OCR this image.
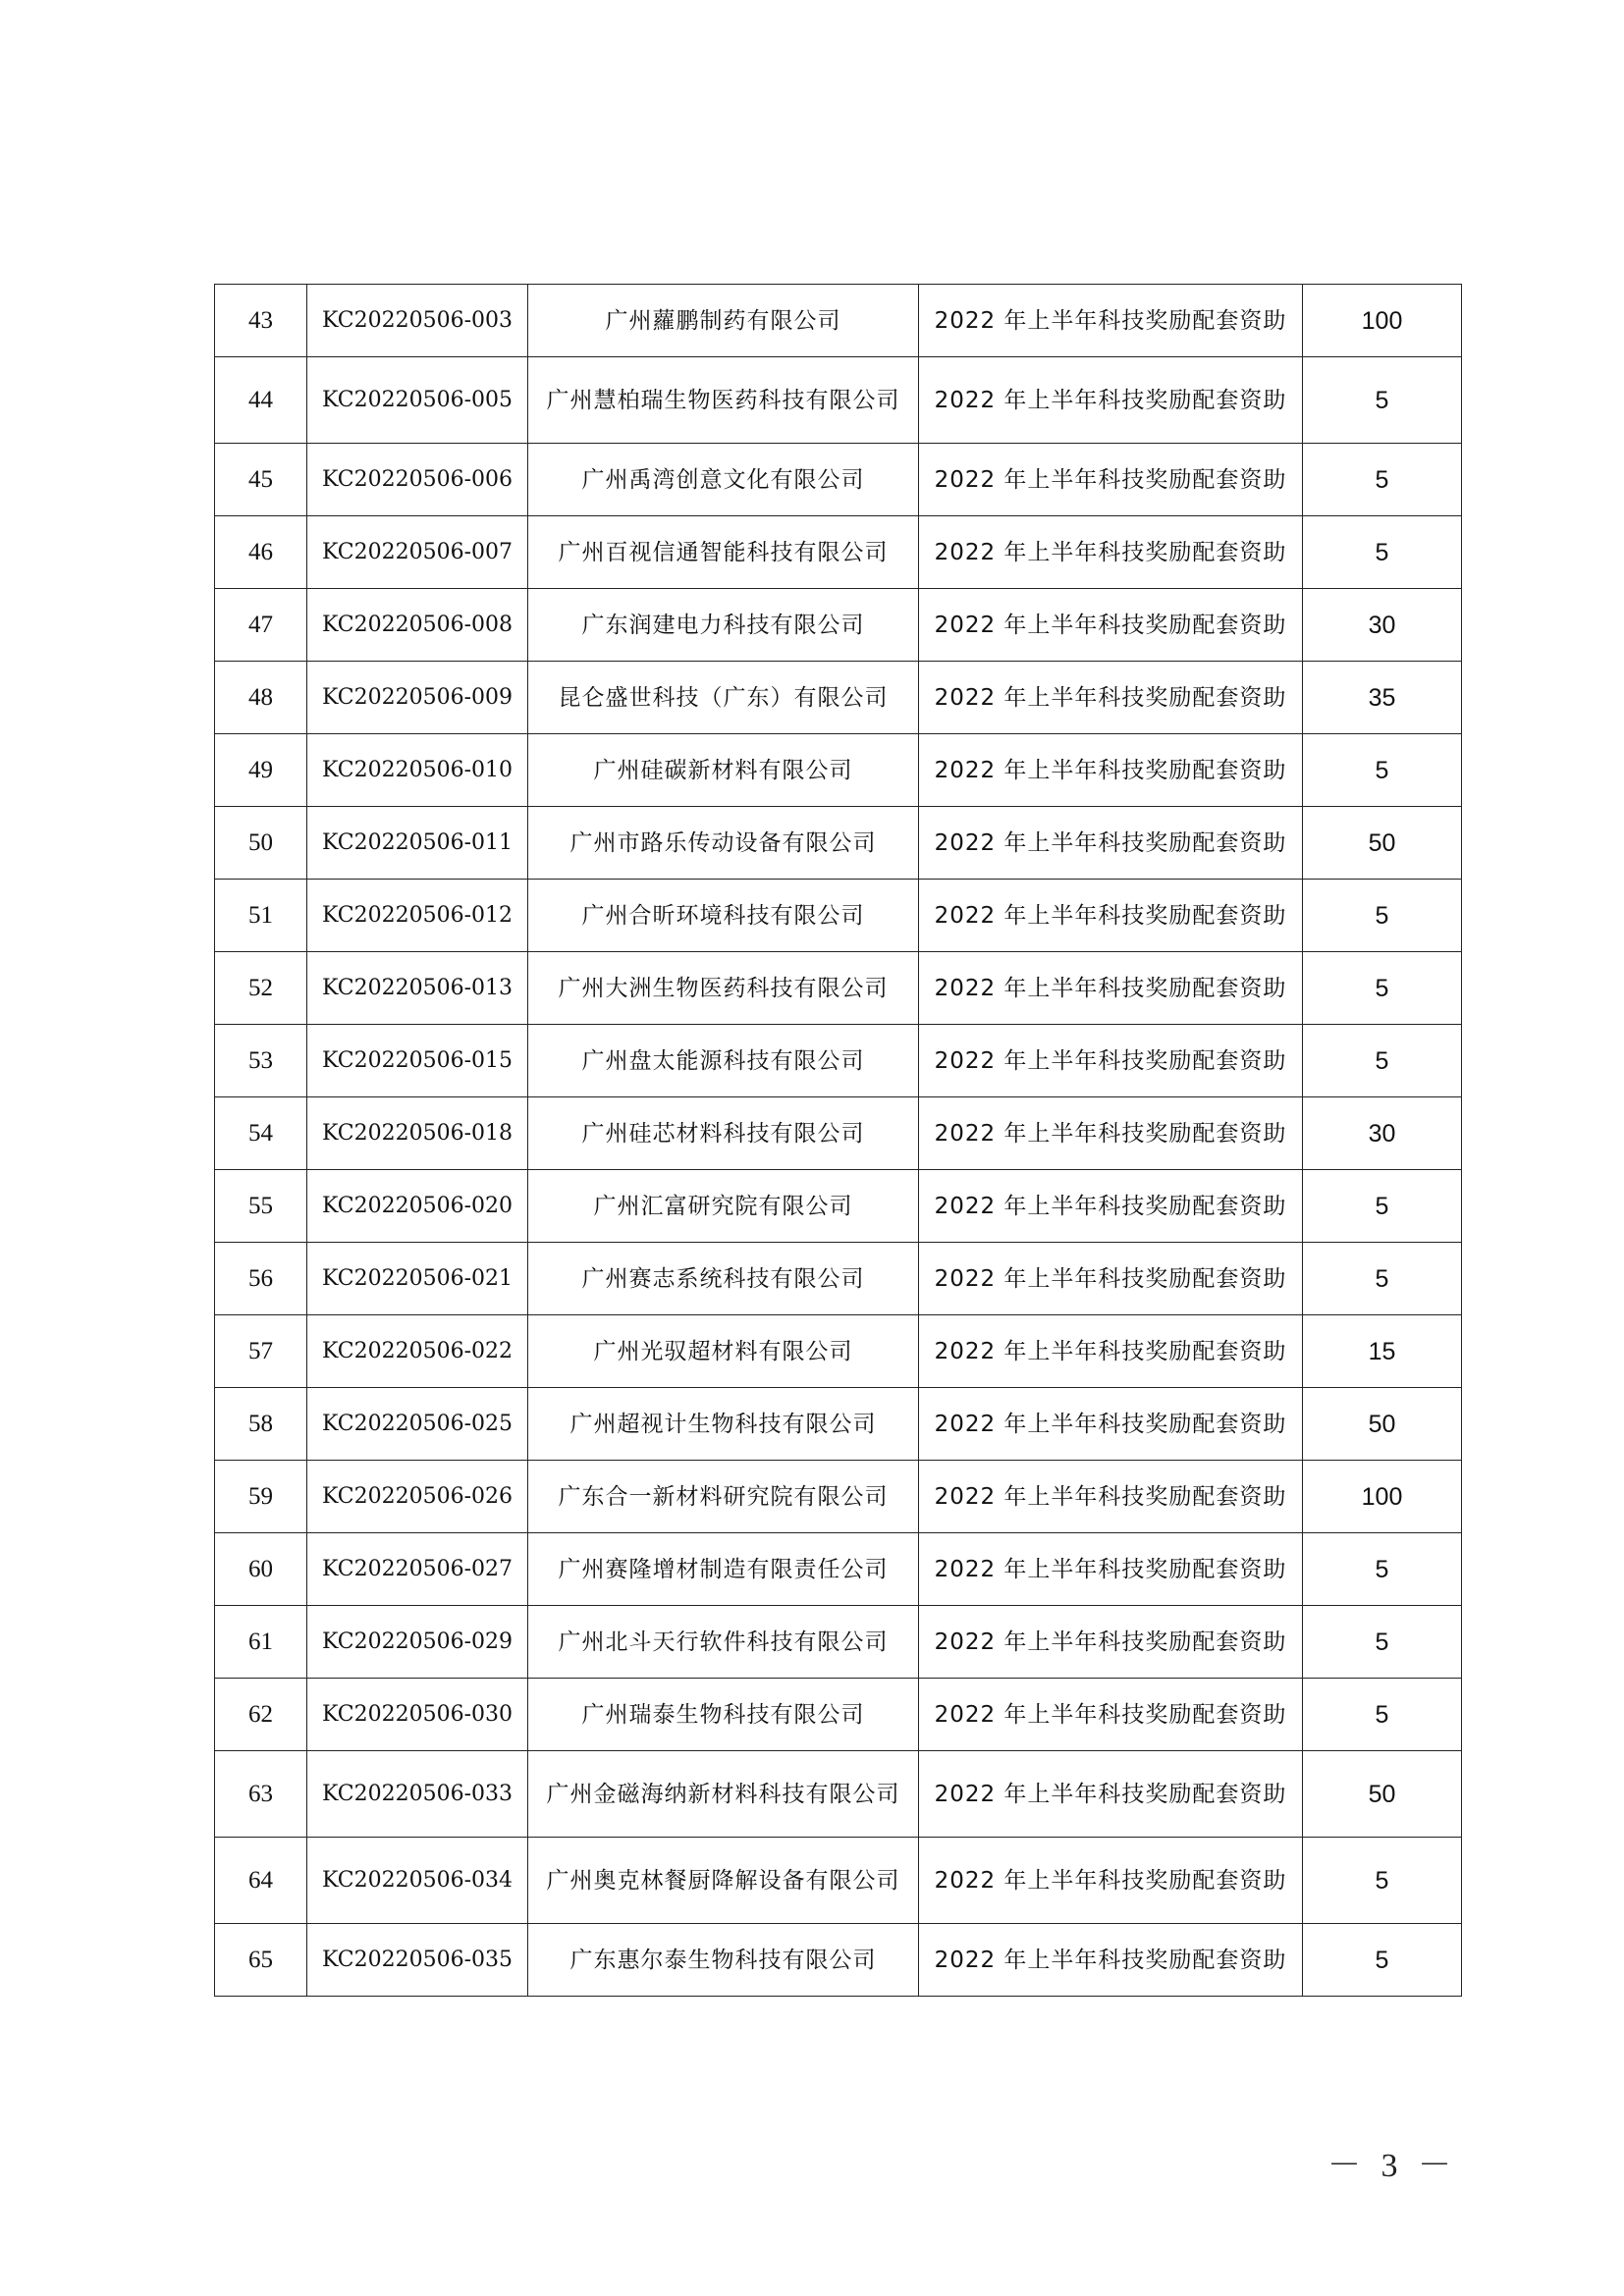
43	KC20220506-003	广州蘿鹏制药有限公司	2022 年上半年科技奖励配套资助	100
44	KC20220506-005	广州慧柏瑞生物医药科技有限公司	2022 年上半年科技奖励配套资助	5
45	KC20220506-006	广州禹湾创意文化有限公司	2022 年上半年科技奖励配套资助	5
46	KC20220506-007	广州百视信通智能科技有限公司	2022 年上半年科技奖励配套资助	5
47	KC20220506-008	广东润建电力科技有限公司	2022 年上半年科技奖励配套资助	30
48	KC20220506-009	昆仑盛世科技（广东）有限公司	2022 年上半年科技奖励配套资助	35
49	KC20220506-010	广州硅碳新材料有限公司	2022 年上半年科技奖励配套资助	5
50	KC20220506-011	广州市路乐传动设备有限公司	2022 年上半年科技奖励配套资助	50
51	KC20220506-012	广州合昕环境科技有限公司	2022 年上半年科技奖励配套资助	5
52	KC20220506-013	广州大洲生物医药科技有限公司	2022 年上半年科技奖励配套资助	5
53	KC20220506-015	广州盘太能源科技有限公司	2022 年上半年科技奖励配套资助	5
54	KC20220506-018	广州硅芯材料科技有限公司	2022 年上半年科技奖励配套资助	30
55	KC20220506-020	广州汇富研究院有限公司	2022 年上半年科技奖励配套资助	5
56	KC20220506-021	广州赛志系统科技有限公司	2022 年上半年科技奖励配套资助	5
57	KC20220506-022	广州光驭超材料有限公司	2022 年上半年科技奖励配套资助	15
58	KC20220506-025	广州超视计生物科技有限公司	2022 年上半年科技奖励配套资助	50
59	KC20220506-026	广东合一新材料研究院有限公司	2022 年上半年科技奖励配套资助	100
60	KC20220506-027	广州赛隆增材制造有限责任公司	2022 年上半年科技奖励配套资助	5
61	KC20220506-029	广州北斗天行软件科技有限公司	2022 年上半年科技奖励配套资助	5
62	KC20220506-030	广州瑞泰生物科技有限公司	2022 年上半年科技奖励配套资助	5
63	KC20220506-033	广州金磁海纳新材料科技有限公司	2022 年上半年科技奖励配套资助	50
64	KC20220506-034	广州奥克林餐厨降解设备有限公司	2022 年上半年科技奖励配套资助	5
65	KC20220506-035	广东惠尔泰生物科技有限公司	2022 年上半年科技奖励配套资助	5
－ 3 －
